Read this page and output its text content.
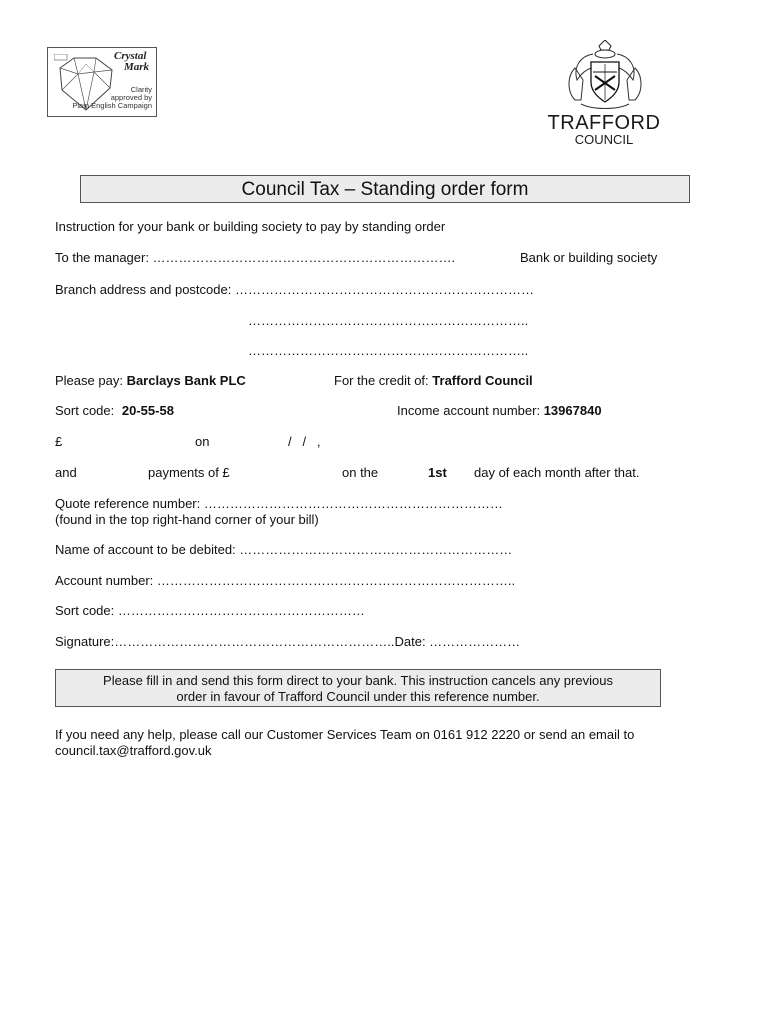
Crystal
Mark
Clarity
approved by
Plain English Campaign
TRAFFORD
COUNCIL
Council Tax – Standing order form
Instruction for your bank or building society to pay by standing order
To the manager: …………………………………………………………….	Bank or building society
Branch address and postcode: ……………………………………………………………
………………………………………………………..
………………………………………………………..
Please pay: Barclays Bank PLC	For the credit of: Trafford Council
Sort code: 20-55-58	Income account number: 13967840
£	on	/   /   ,
and	payments of £	on the	1st day of each month after that.
Quote reference number: ……………………………………………………………
(found in the top right-hand corner of your bill)
Name of account to be debited: ………………………………………………………
Account number: ………………………………………………………………………..
Sort code: …………………………………………………
Signature:………………………………………………………..Date: …………………
Please fill in and send this form direct to your bank. This instruction cancels any previous
order in favour of Trafford Council under this reference number.
If you need any help, please call our Customer Services Team on 0161 912 2220 or send an email to
council.tax@trafford.gov.uk
